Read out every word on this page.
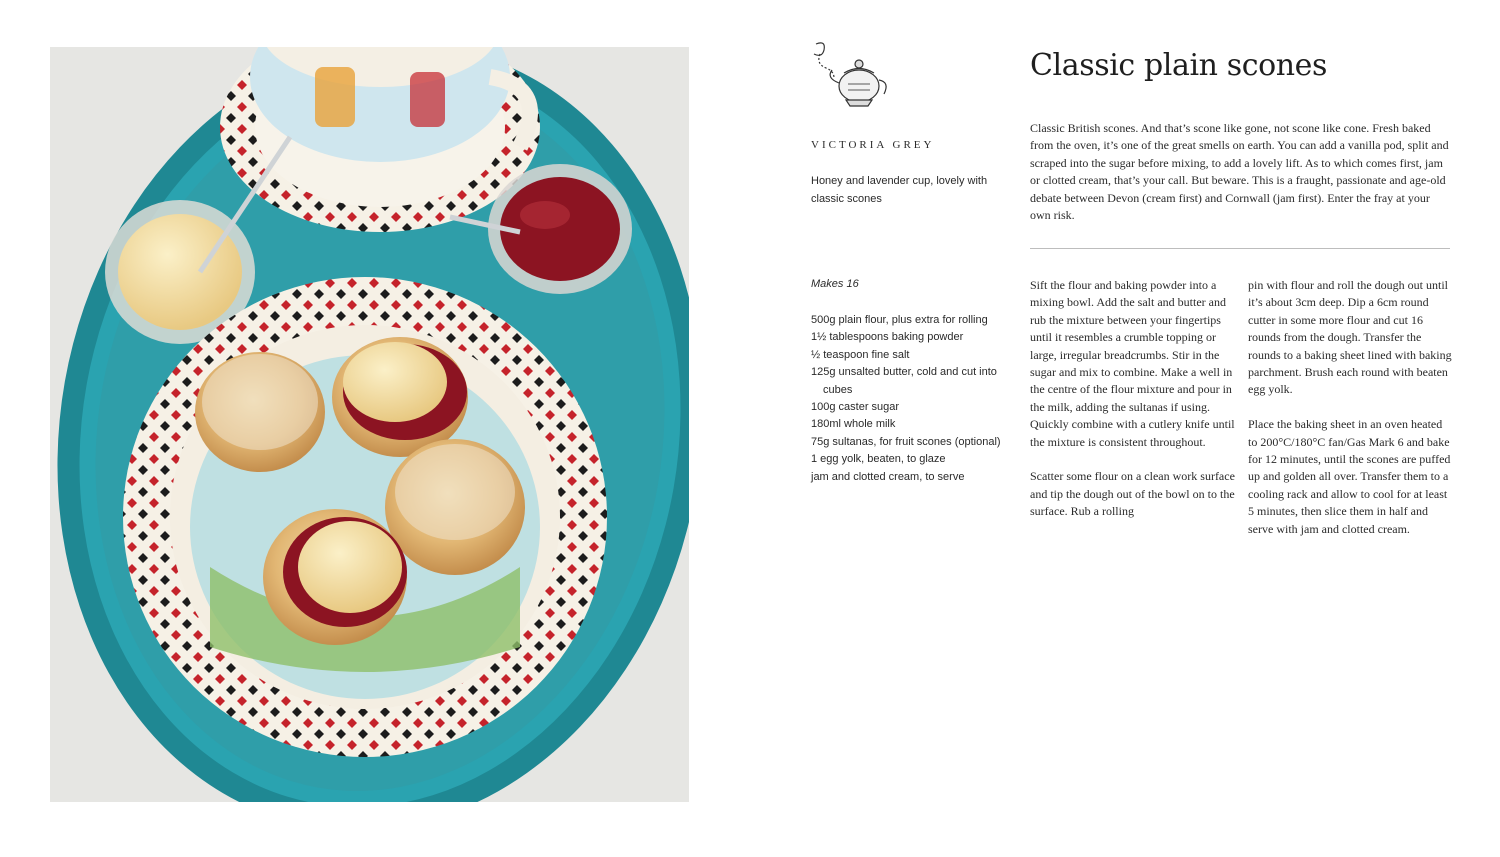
Classic plain scones
VICTORIA GREY
Honey and lavender cup, lovely with classic scones
Classic British scones. And that’s scone like gone, not scone like cone. Fresh baked from the oven, it’s one of the great smells on earth. You can add a vanilla pod, split and scraped into the sugar before mixing, to add a lovely lift. As to which comes first, jam or clotted cream, that’s your call. But beware. This is a fraught, passionate and age-old debate between Devon (cream first) and Cornwall (jam first). Enter the fray at your own risk.
Makes 16
500g plain flour, plus extra for rolling
1½ tablespoons baking powder
½ teaspoon fine salt
125g unsalted butter, cold and cut into cubes
100g caster sugar
180ml whole milk
75g sultanas, for fruit scones (optional)
1 egg yolk, beaten, to glaze
jam and clotted cream, to serve

Sift the flour and baking powder into a mixing bowl. Add the salt and butter and rub the mixture between your fingertips until it resembles a crumble topping or large, irregular breadcrumbs. Stir in the sugar and mix to combine. Make a well in the centre of the flour mixture and pour in the milk, adding the sultanas if using. Quickly combine with a cutlery knife until the mixture is consistent throughout.

Scatter some flour on a clean work surface and tip the dough out of the bowl on to the surface. Rub a rolling

pin with flour and roll the dough out until it’s about 3cm deep. Dip a 6cm round cutter in some more flour and cut 16 rounds from the dough. Transfer the rounds to a baking sheet lined with baking parchment. Brush each round with beaten egg yolk.

Place the baking sheet in an oven heated to 200°C/180°C fan/Gas Mark 6 and bake for 12 minutes, until the scones are puffed up and golden all over. Transfer them to a cooling rack and allow to cool for at least 5 minutes, then slice them in half and serve with jam and clotted cream.
